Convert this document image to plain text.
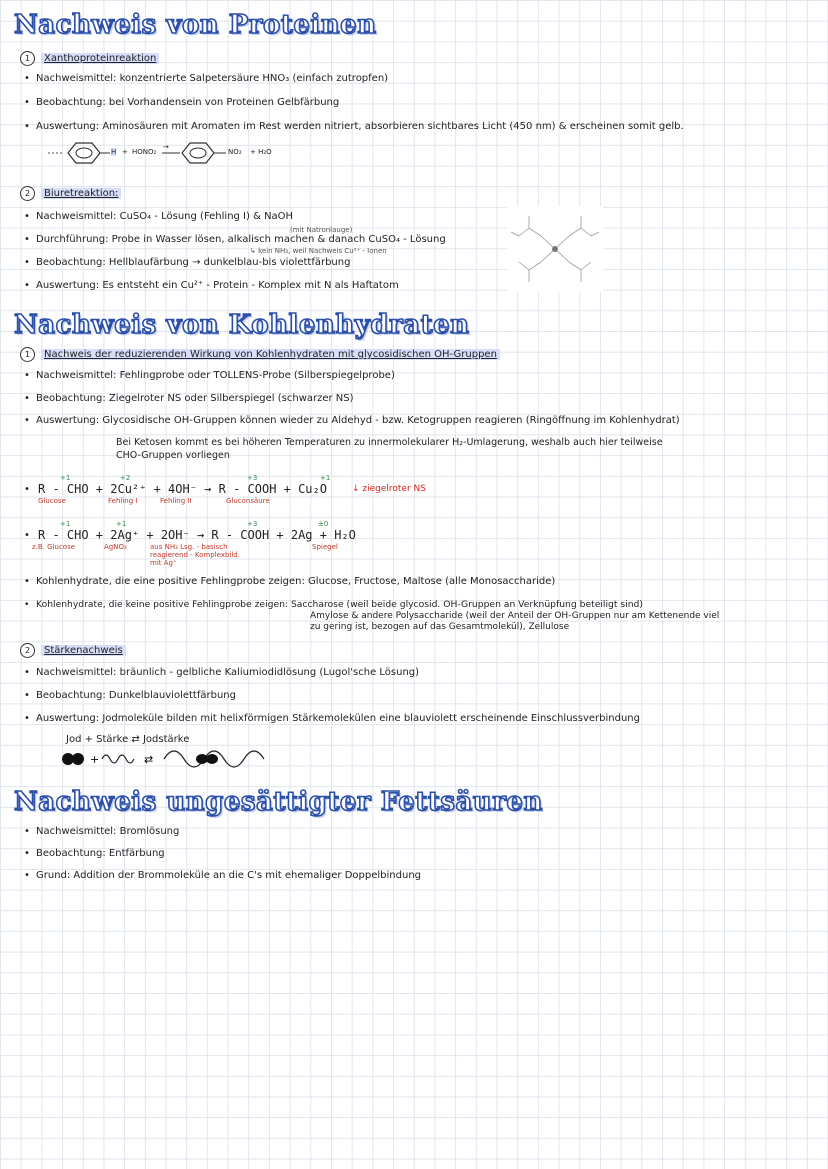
Nachweis von Proteinen
1	Xanthoproteinreaktion
• Nachweismittel: konzentrierte Salpetersäure HNO₃ (einfach zutropfen)
• Beobachtung: bei Vorhandensein von Proteinen Gelbfärbung
• Auswertung: Aminosäuren mit Aromaten im Rest werden nitriert, absorbieren sichtbares Licht (450 nm) & erscheinen somit gelb.
H + HONO₂
→
NO₂ + H₂O
2	Biuretreaktion:
• Nachweismittel: CuSO₄ - Lösung (Fehling I) & NaOH
(mit Natronlauge)
• Durchführung: Probe in Wasser lösen, alkalisch machen & danach CuSO₄ - Lösung
↳ kein NH₃, weil Nachweis Cu²⁺ - Ionen
• Beobachtung: Hellblaufärbung → dunkelblau-bis violettfärbung
• Auswertung: Es entsteht ein Cu²⁺ - Protein - Komplex mit N als Haftatom
Nachweis von Kohlenhydraten
1	Nachweis der reduzierenden Wirkung von Kohlenhydraten mit glycosidischen OH-Gruppen
• Nachweismittel: Fehlingprobe oder TOLLENS-Probe (Silberspiegelprobe)
• Beobachtung: Ziegelroter NS oder Silberspiegel (schwarzer NS)
• Auswertung: Glycosidische OH-Gruppen können wieder zu Aldehyd - bzw. Ketogruppen reagieren (Ringöffnung im Kohlenhydrat)
Bei Ketosen kommt es bei höheren Temperaturen zu innermolekularer H₂-Umlagerung, weshalb auch hier teilweise
CHO-Gruppen vorliegen
+1	+2	+3	+1
• R - CHO + 2Cu²⁺ + 4OH⁻ → R - COOH + Cu₂O	↓ ziegelroter NS
Glucose	Fehling I	Fehling II	Gluconsäure
+1	+1	+3	±0
• R - CHO + 2Ag⁺ + 2OH⁻ → R - COOH + 2Ag + H₂O
z.B. Glucose	AgNO₃	aus NH₃ Lsg. - basisch reagierend - Komplexbild. mit Ag⁺
Spiegel
• Kohlenhydrate, die eine positive Fehlingprobe zeigen: Glucose, Fructose, Maltose (alle Monosaccharide)
• Kohlenhydrate, die keine positive Fehlingprobe zeigen: Saccharose (weil beide glycosid. OH-Gruppen an Verknüpfung beteiligt sind)
Amylose & andere Polysaccharide (weil der Anteil der OH-Gruppen nur am Kettenende viel
zu gering ist, bezogen auf das Gesamtmolekül), Zellulose
2	Stärkenachweis
• Nachweismittel: bräunlich - gelbliche Kaliumiodidlösung (Lugol'sche Lösung)
• Beobachtung: Dunkelblauviolettfärbung
• Auswertung: Jodmoleküle bilden mit helixförmigen Stärkemolekülen eine blauviolett erscheinende Einschlussverbindung
Jod + Stärke ⇄ Jodstärke
+	⇄
Nachweis ungesättigter Fettsäuren
• Nachweismittel: Bromlösung
• Beobachtung: Entfärbung
• Grund: Addition der Brommoleküle an die C's mit ehemaliger Doppelbindung
